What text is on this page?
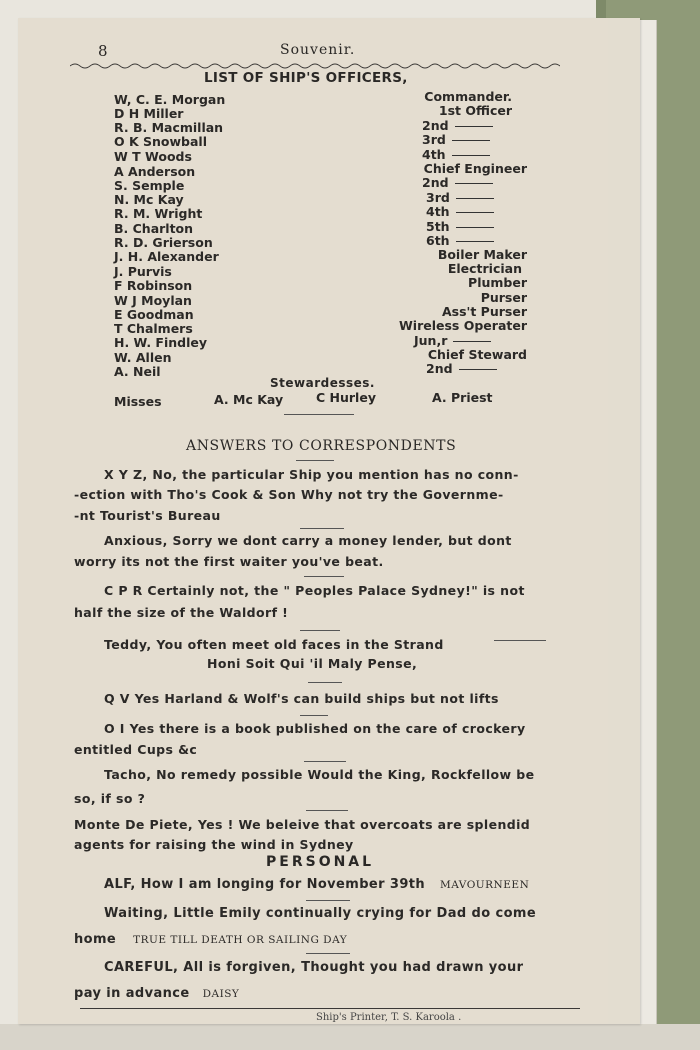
8	Souvenir.
LIST OF SHIP'S OFFICERS,
W, C. E. Morgan	Commander.
D H Miller	1st Officer
R. B. Macmillan	2nd
O K Snowball	3rd
W T Woods	4th
A Anderson	Chief Engineer
S. Semple	2nd
N. Mc Kay	3rd
R. M. Wright	4th
B. Charlton	5th
R. D. Grierson	6th
J. H. Alexander	Boiler Maker
J. Purvis	Electrician
F Robinson	Plumber
W J Moylan	Purser
E Goodman	Ass't Purser
T Chalmers	Wireless Operater
H. W. Findley	Jun,r
W. Allen	Chief Steward
A. Neil	2nd
Stewardesses.
Misses	A. Mc Kay	C Hurley	A. Priest
ANSWERS TO CORRESPONDENTS
X Y Z, No, the particular Ship you mention has no conn-
-ection with Tho's Cook & Son Why not try the Governme-
-nt Tourist's Bureau
Anxious, Sorry we dont carry a money lender, but dont
worry its not the first waiter you've beat.
C P R Certainly not, the " Peoples Palace Sydney!" is not
half the size of the Waldorf !
Teddy, You often meet old faces in the Strand
Honi Soit Qui 'il Maly Pense,
Q V Yes Harland & Wolf's can build ships but not lifts
O I Yes there is a book published on the care of crockery
entitled Cups &c
Tacho, No remedy possible Would the King, Rockfellow be
so, if so ?
Monte De Piete, Yes ! We beleive that overcoats are splendid
agents for raising the wind in Sydney
PERSONAL
ALF, How I am longing for November 39th MAVOURNEEN
Waiting, Little Emily continually crying for Dad do come
home TRUE TILL DEATH OR SAILING DAY
CAREFUL, All is forgiven, Thought you had drawn your
pay in advance DAISY
Ship's Printer, T. S. Karoola .
